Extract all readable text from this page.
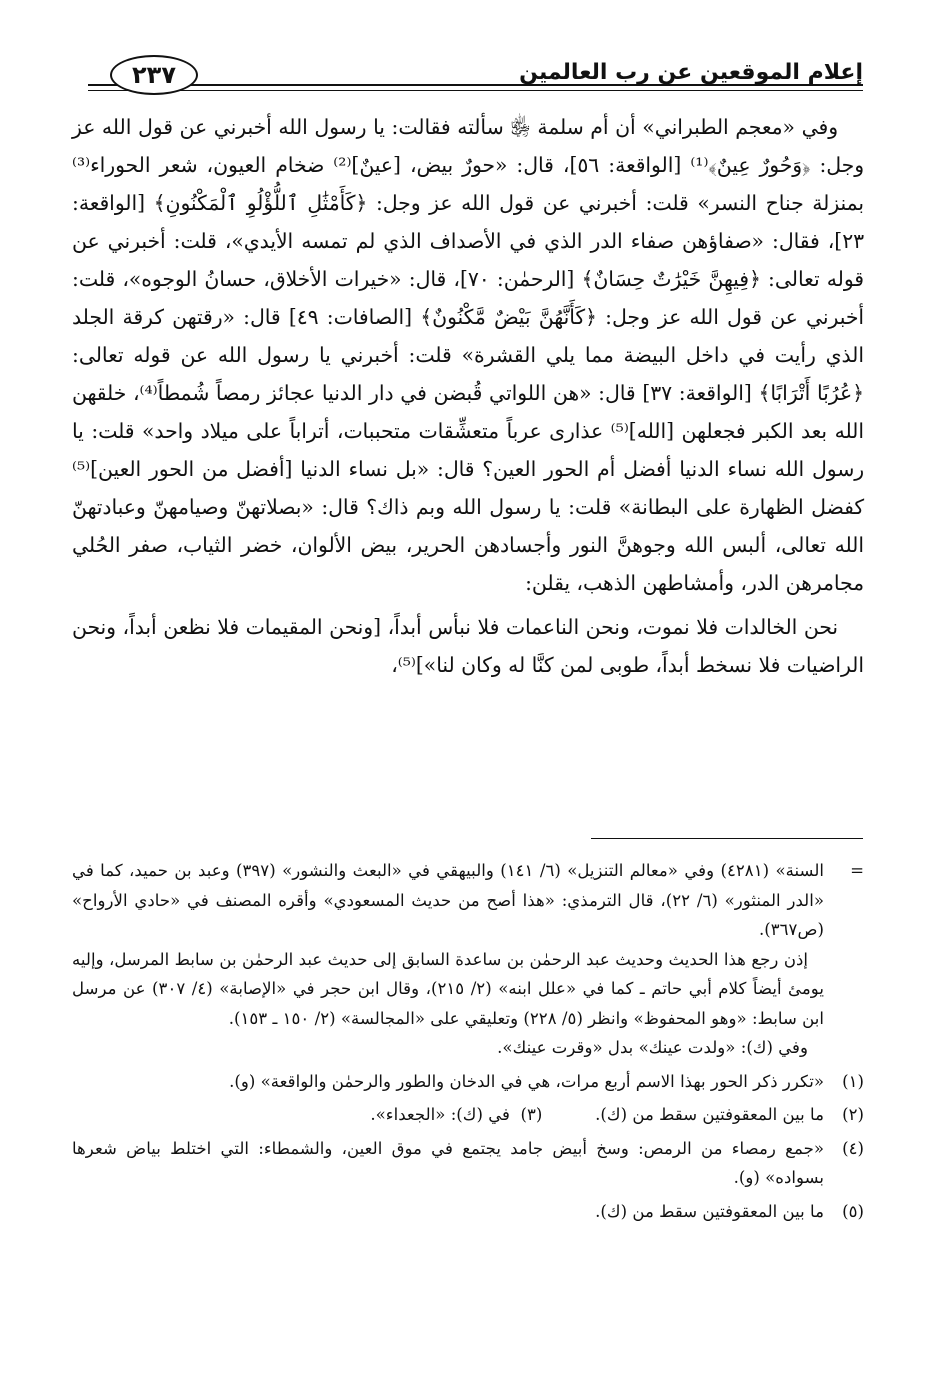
إعلام الموقعين عن رب العالمين
٢٣٧

وفي «معجم الطبراني» أن أم سلمة ﵂ سألته فقالت: يا رسول الله أخبرني عن قول الله عز وجل: ﴿وَحُورٌ عِينٌ﴾⁽¹⁾ [الواقعة: ٥٦]، قال: «حورٌ بيض، [عينٌ]⁽²⁾ ضخام العيون، شعر الحوراء⁽³⁾ بمنزلة جناح النسر» قلت: أخبرني عن قول الله عز وجل: ﴿كَأَمْثَٰلِ ٱللُّؤْلُوِ ٱلْمَكْنُونِ﴾ [الواقعة: ٢٣]، فقال: «صفاؤهن صفاء الدر الذي في الأصداف الذي لم تمسه الأيدي»، قلت: أخبرني عن قوله تعالى: ﴿فِيهِنَّ خَيْرَٰتٌ حِسَانٌ﴾ [الرحمٰن: ٧٠]، قال: «خيرات الأخلاق، حسانُ الوجوه»، قلت: أخبرني عن قول الله عز وجل: ﴿كَأَنَّهُنَّ بَيْضٌ مَّكْنُونٌ﴾ [الصافات: ٤٩] قال: «رقتهن كرقة الجلد الذي رأيت في داخل البيضة مما يلي القشرة» قلت: أخبرني يا رسول الله عن قوله تعالى: ﴿عُرُبًا أَتْرَابًا﴾ [الواقعة: ٣٧] قال: «هن اللواتي قُبضن في دار الدنيا عجائز رمصاً شُمطاً⁽⁴⁾، خلقهن الله بعد الكبر فجعلهن [الله]⁽⁵⁾ عذارى عرباً متعشِّقات متحببات، أتراباً على ميلاد واحد» قلت: يا رسول الله نساء الدنيا أفضل أم الحور العين؟ قال: «بل نساء الدنيا [أفضل من الحور العين]⁽⁵⁾ كفضل الظهارة على البطانة» قلت: يا رسول الله وبم ذاك؟ قال: «بصلاتهنّ وصيامهنّ وعبادتهنّ الله تعالى، ألبس الله وجوهنَّ النور وأجسادهن الحرير، بيض الألوان، خضر الثياب، صفر الحُلي مجامرهن الدر، وأمشاطهن الذهب، يقلن:

نحن الخالدات فلا نموت، ونحن الناعمات فلا نبأس أبداً، [ونحن المقيمات فلا نظعن أبداً، ونحن الراضيات فلا نسخط أبداً، طوبى لمن كنَّا له وكان لنا»]⁽⁵⁾،

=
السنة» (٤٢٨١) وفي «معالم التنزيل» (٦/ ١٤١) والبيهقي في «البعث والنشور» (٣٩٧) وعبد بن حميد، كما في «الدر المنثور» (٦/ ٢٢)، قال الترمذي: «هذا أصح من حديث المسعودي» وأقره المصنف في «حادي الأرواح» (ص٣٦٧).

إذن رجع هذا الحديث وحديث عبد الرحمٰن بن ساعدة السابق إلى حديث عبد الرحمٰن بن سابط المرسل، وإليه يومئ أيضاً كلام أبي حاتم ـ كما في «علل ابنه» (٢/ ٢١٥)، وقال ابن حجر في «الإصابة» (٤/ ٣٠٧) عن مرسل ابن سابط: «وهو المحفوظ» وانظر (٥/ ٢٢٨) وتعليقي على «المجالسة» (٢/ ١٥٠ ـ ١٥٣).

وفي (ك): «ولدت عينك» بدل «وقرت عينك».

(١)
«تكرر ذكر الحور بهذا الاسم أربع مرات، هي في الدخان والطور والرحمٰن والواقعة» (و).
(٢)
ما بين المعقوفتين سقط من (ك).          (٣)  في (ك): «الجعداء».
(٤)
«جمع رمصاء من الرمص: وسخ أبيض جامد يجتمع في موق العين، والشمطاء: التي اختلط بياض شعرها بسواده» (و).
(٥)
ما بين المعقوفتين سقط من (ك).
